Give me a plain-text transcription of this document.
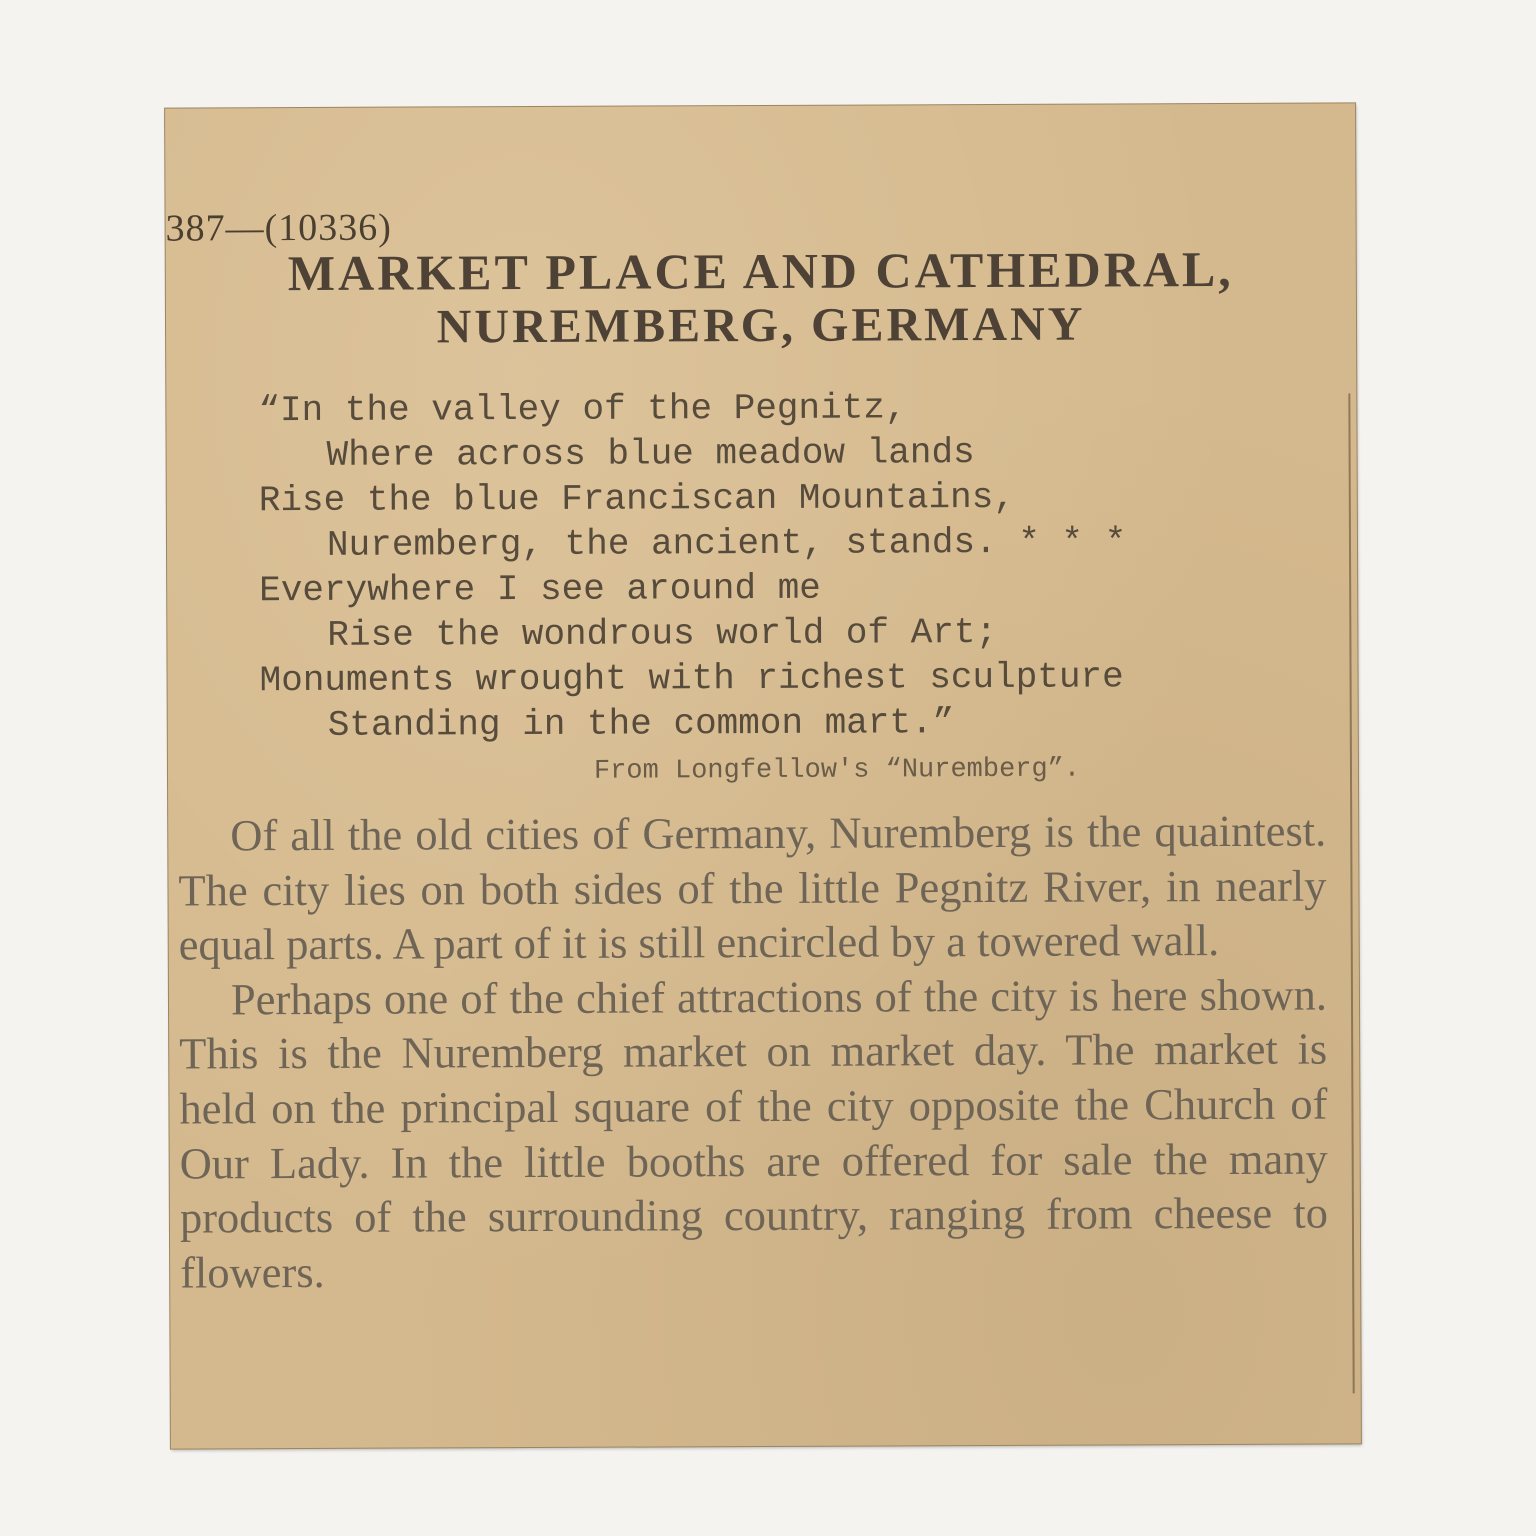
387—(10336)
MARKET PLACE AND CATHEDRAL,
NUREMBERG, GERMANY
“In the valley of the Pegnitz,
Where across blue meadow lands
Rise the blue Franciscan Mountains,
Nuremberg, the ancient, stands. * * *
Everywhere I see around me
Rise the wondrous world of Art;
Monuments wrought with richest sculpture
Standing in the common mart.”
From Longfellow's “Nuremberg”.

Of all the old cities of Germany, Nuremberg is the quaintest. The city lies on both sides of the little Pegnitz River, in nearly equal parts. A part of it is still encircled by a towered wall.

Perhaps one of the chief attractions of the city is here shown. This is the Nuremberg market on market day. The market is held on the principal square of the city opposite the Church of Our Lady. In the little booths are offered for sale the many products of the surrounding country, ranging from cheese to flowers.
